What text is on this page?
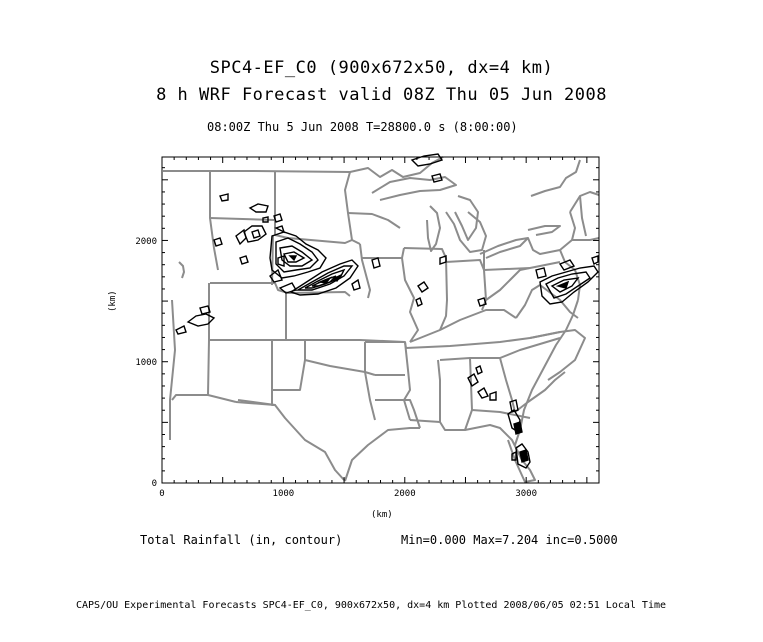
SPC4-EF_C0 (900x672x50, dx=4 km)
8 h WRF Forecast valid 08Z Thu 05 Jun 2008
08:00Z Thu 5 Jun 2008 T=28800.0 s (8:00:00)
0	1000	2000	3000
0
1000
2000
(km)
(km)
Total Rainfall (in, contour)	Min=0.000 Max=7.204 inc=0.5000
CAPS/OU Experimental Forecasts SPC4-EF_C0, 900x672x50, dx=4 km Plotted 2008/06/05 02:51 Local Time
